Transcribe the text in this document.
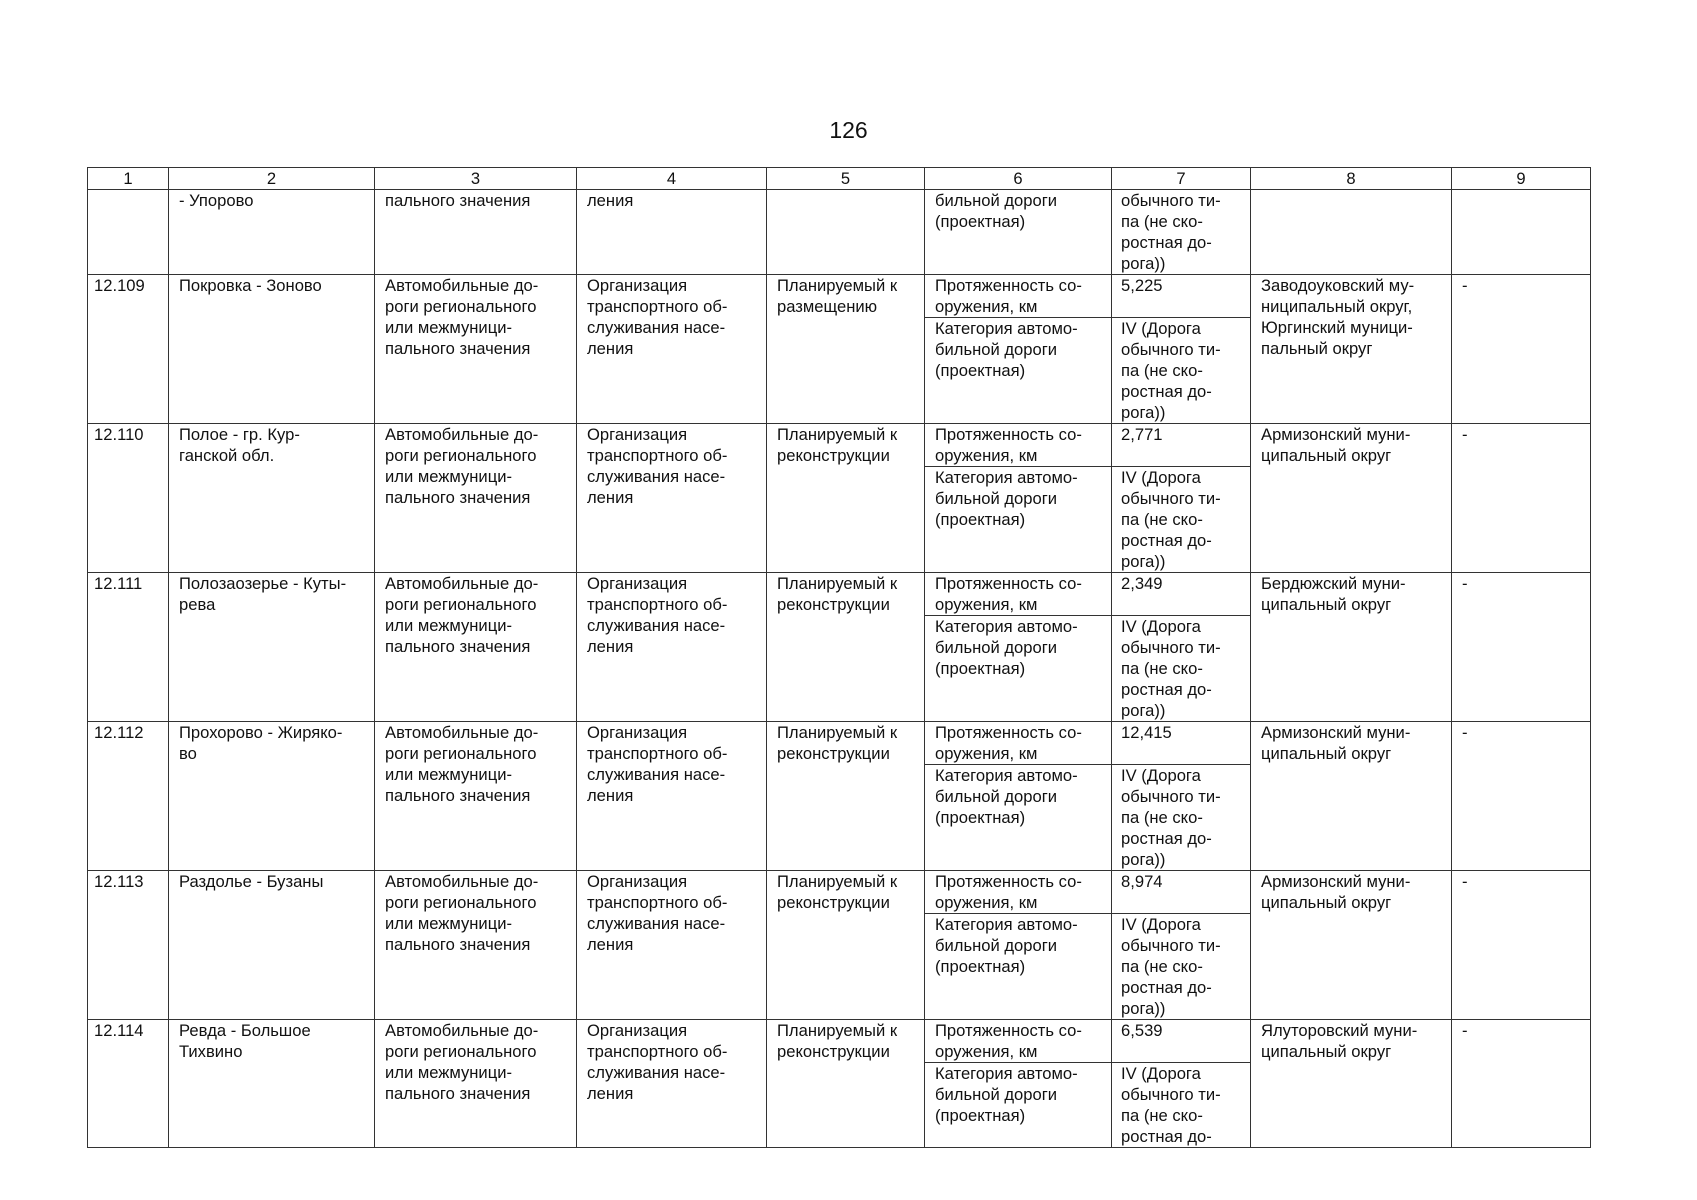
126
1	2	3	4	5	6	7	8	9
	- Упорово	пального значения	ления		бильной дороги
(проектная)	обычного ти-
па (не ско-
ростная до-
рога))		
12.109	Покровка - Зоново	Автомобильные до-
роги регионального
или межмуници-
пального значения	Организация
транспортного об-
служивания насе-
ления	Планируемый к
размещению	Протяженность со-
оружения, км	5,225	Заводоуковский му-
ниципальный округ,
Юргинский муници-
пальный округ	-
					Категория автомо-
бильной дороги
(проектная)	IV (Дорога
обычного ти-
па (не ско-
ростная до-
рога))		
12.110	Полое - гр. Кур-
ганской обл.	Автомобильные до-
роги регионального
или межмуници-
пального значения	Организация
транспортного об-
служивания насе-
ления	Планируемый к
реконструкции	Протяженность со-
оружения, км	2,771	Армизонский муни-
ципальный округ	-
					Категория автомо-
бильной дороги
(проектная)	IV (Дорога
обычного ти-
па (не ско-
ростная до-
рога))		
12.111	Полозаозерье - Куты-
рева	Автомобильные до-
роги регионального
или межмуници-
пального значения	Организация
транспортного об-
служивания насе-
ления	Планируемый к
реконструкции	Протяженность со-
оружения, км	2,349	Бердюжский муни-
ципальный округ	-
					Категория автомо-
бильной дороги
(проектная)	IV (Дорога
обычного ти-
па (не ско-
ростная до-
рога))		
12.112	Прохорово - Жиряко-
во	Автомобильные до-
роги регионального
или межмуници-
пального значения	Организация
транспортного об-
служивания насе-
ления	Планируемый к
реконструкции	Протяженность со-
оружения, км	12,415	Армизонский муни-
ципальный округ	-
					Категория автомо-
бильной дороги
(проектная)	IV (Дорога
обычного ти-
па (не ско-
ростная до-
рога))		
12.113	Раздолье - Бузаны	Автомобильные до-
роги регионального
или межмуници-
пального значения	Организация
транспортного об-
служивания насе-
ления	Планируемый к
реконструкции	Протяженность со-
оружения, км	8,974	Армизонский муни-
ципальный округ	-
					Категория автомо-
бильной дороги
(проектная)	IV (Дорога
обычного ти-
па (не ско-
ростная до-
рога))		
12.114	Ревда - Большое
Тихвино	Автомобильные до-
роги регионального
или межмуници-
пального значения	Организация
транспортного об-
служивания насе-
ления	Планируемый к
реконструкции	Протяженность со-
оружения, км	6,539	Ялуторовский муни-
ципальный округ	-
					Категория автомо-
бильной дороги
(проектная)	IV (Дорога
обычного ти-
па (не ско-
ростная до-		
